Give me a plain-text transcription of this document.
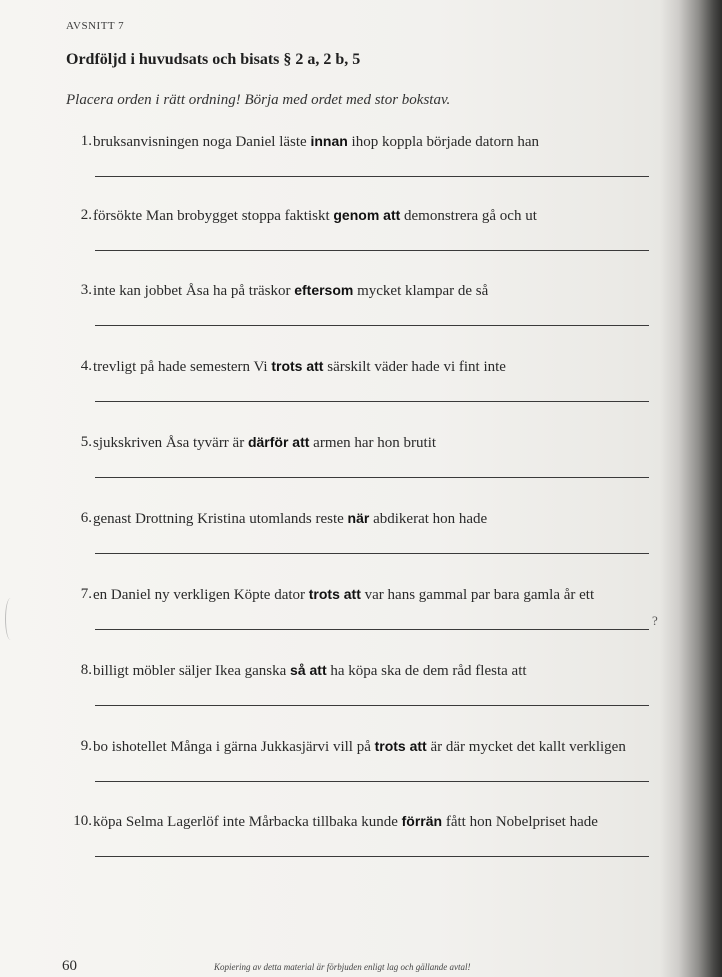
AVSNITT 7
Ordföljd i huvudsats och bisats § 2 a, 2 b, 5
Placera orden i rätt ordning! Börja med ordet med stor bokstav.
1. bruksanvisningen noga Daniel läste innan ihop koppla började datorn han
2. försökte Man brobygget stoppa faktiskt genom att demonstrera gå och ut
3. inte kan jobbet Åsa ha på träskor eftersom mycket klampar de så
4. trevligt på hade semestern Vi trots att särskilt väder hade vi fint inte
5. sjukskriven Åsa tyvärr är därför att armen har hon brutit
6. genast Drottning Kristina utomlands reste när abdikerat hon hade
7. en Daniel ny verkligen Köpte dator trots att var hans gammal par bara gamla år ett
?
8. billigt möbler säljer Ikea ganska så att ha köpa ska de dem råd flesta att
9. bo ishotellet Många i gärna Jukkasjärvi vill på trots att är där mycket det kallt verkligen
10. köpa Selma Lagerlöf inte Mårbacka tillbaka kunde förrän fått hon Nobelpriset hade
60	Kopiering av detta material är förbjuden enligt lag och gällande avtal!
